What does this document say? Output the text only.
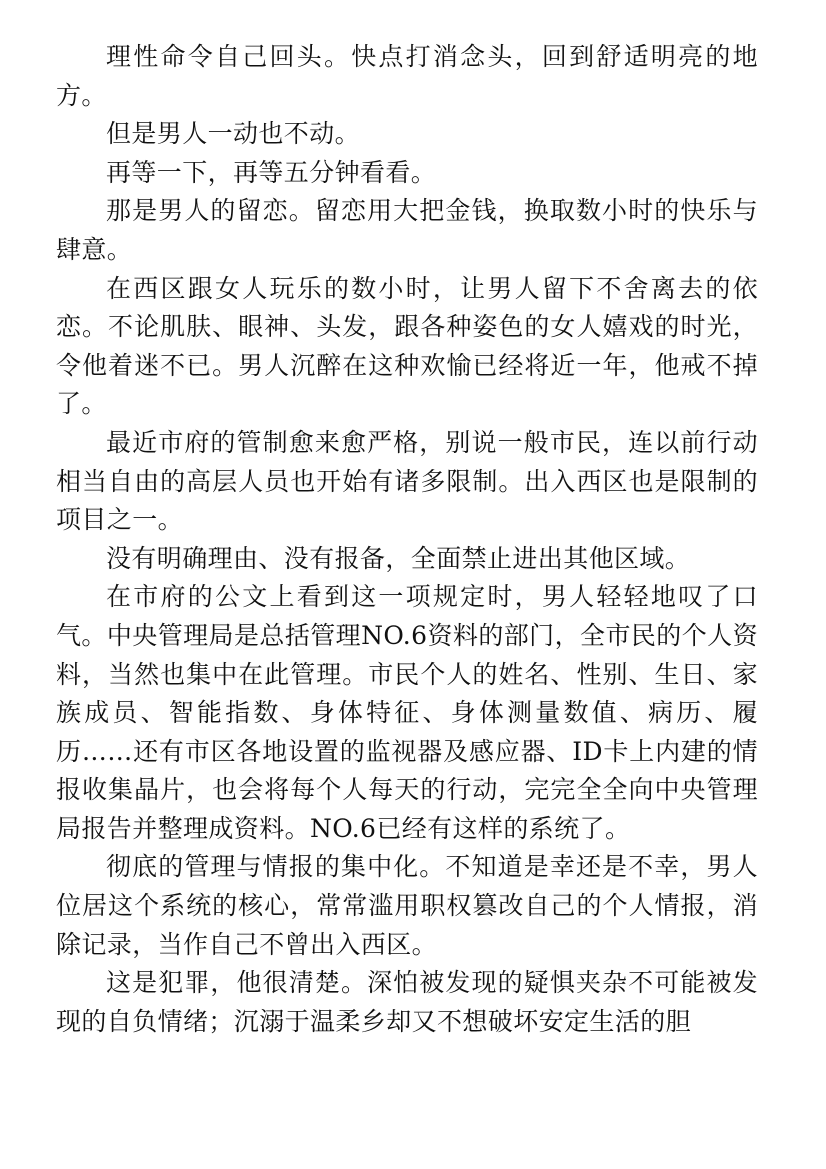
理性命令自己回头。快点打消念头，回到舒适明亮的地方。

但是男人一动也不动。

再等一下，再等五分钟看看。

那是男人的留恋。留恋用大把金钱，换取数小时的快乐与肆意。

在西区跟女人玩乐的数小时，让男人留下不舍离去的依恋。不论肌肤、眼神、头发，跟各种姿色的女人嬉戏的时光，令他着迷不已。男人沉醉在这种欢愉已经将近一年，他戒不掉了。

最近市府的管制愈来愈严格，别说一般市民，连以前行动相当自由的高层人员也开始有诸多限制。出入西区也是限制的项目之一。

没有明确理由、没有报备，全面禁止进出其他区域。

在市府的公文上看到这一项规定时，男人轻轻地叹了口气。中央管理局是总括管理NO.6资料的部门，全市民的个人资料，当然也集中在此管理。市民个人的姓名、性别、生日、家族成员、智能指数、身体特征、身体测量数值、病历、履历……还有市区各地设置的监视器及感应器、ID卡上内建的情报收集晶片，也会将每个人每天的行动，完完全全向中央管理局报告并整理成资料。NO.6已经有这样的系统了。

彻底的管理与情报的集中化。不知道是幸还是不幸，男人位居这个系统的核心，常常滥用职权篡改自己的个人情报，消除记录，当作自己不曾出入西区。

这是犯罪，他很清楚。深怕被发现的疑惧夹杂不可能被发现的自负情绪；沉溺于温柔乡却又不想破坏安定生活的胆
